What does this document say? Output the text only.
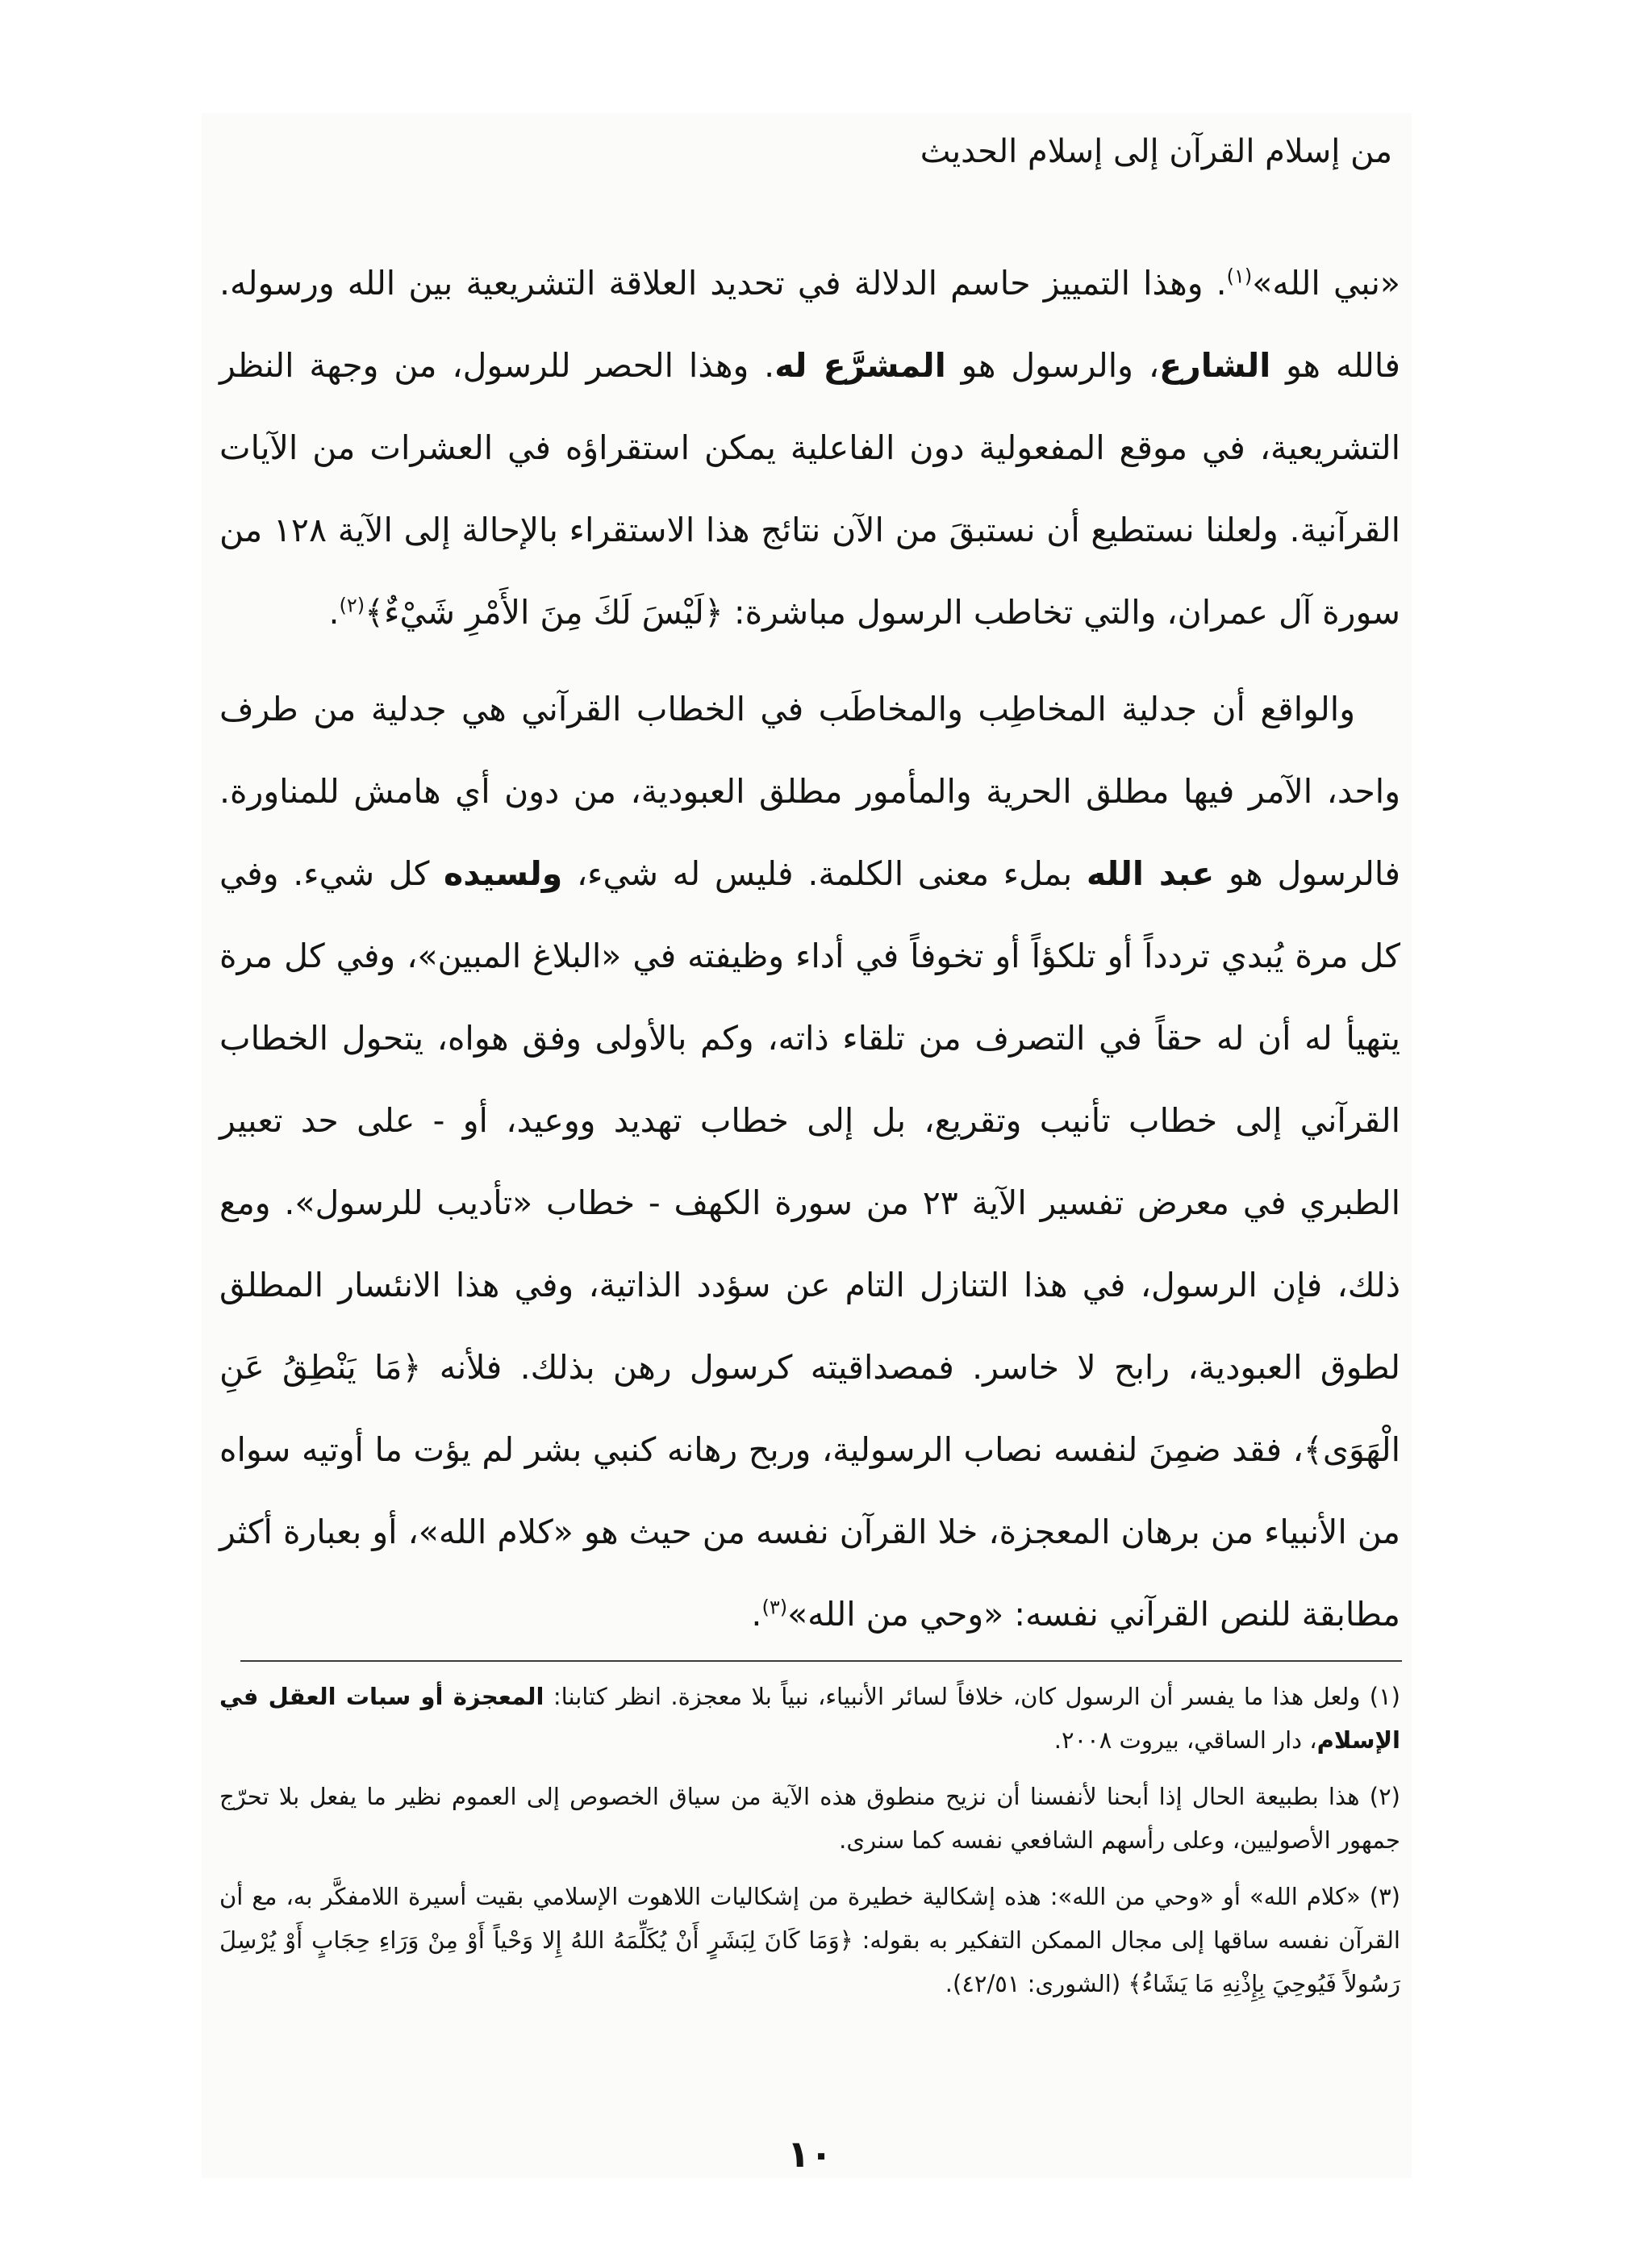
من إسلام القرآن إلى إسلام الحديث

«نبي الله»$^{(١)}$. وهذا التمييز حاسم الدلالة في تحديد العلاقة التشريعية بين الله ورسوله. فالله هو الشارع، والرسول هو المشرَّع له. وهذا الحصر للرسول، من وجهة النظر التشريعية، في موقع المفعولية دون الفاعلية يمكن استقراؤه في العشرات من الآيات القرآنية. ولعلنا نستطيع أن نستبقَ من الآن نتائج هذا الاستقراء بالإحالة إلى الآية ١٢٨ من سورة آل عمران، والتي تخاطب الرسول مباشرة: ﴿لَيْسَ لَكَ مِنَ الأَمْرِ شَيْءٌ﴾$^{(٢)}$.

والواقع أن جدلية المخاطِب والمخاطَب في الخطاب القرآني هي جدلية من طرف واحد، الآمر فيها مطلق الحرية والمأمور مطلق العبودية، من دون أي هامش للمناورة. فالرسول هو عبد الله بملء معنى الكلمة. فليس له شيء، ولسيده كل شيء. وفي كل مرة يُبدي تردداً أو تلكؤاً أو تخوفاً في أداء وظيفته في «البلاغ المبين»، وفي كل مرة يتهيأ له أن له حقاً في التصرف من تلقاء ذاته، وكم بالأولى وفق هواه، يتحول الخطاب القرآني إلى خطاب تأنيب وتقريع، بل إلى خطاب تهديد ووعيد، أو - على حد تعبير الطبري في معرض تفسير الآية ٢٣ من سورة الكهف - خطاب «تأديب للرسول». ومع ذلك، فإن الرسول، في هذا التنازل التام عن سؤدد الذاتية، وفي هذا الانئسار المطلق لطوق العبودية، رابح لا خاسر. فمصداقيته كرسول رهن بذلك. فلأنه ﴿مَا يَنْطِقُ عَنِ الْهَوَى﴾، فقد ضمِنَ لنفسه نصاب الرسولية، وربح رهانه كنبي بشر لم يؤت ما أوتيه سواه من الأنبياء من برهان المعجزة، خلا القرآن نفسه من حيث هو «كلام الله»، أو بعبارة أكثر مطابقة للنص القرآني نفسه: «وحي من الله»$^{(٣)}$.

(١) ولعل هذا ما يفسر أن الرسول كان، خلافاً لسائر الأنبياء، نبياً بلا معجزة. انظر كتابنا: المعجزة أو سبات العقل في الإسلام، دار الساقي، بيروت ٢٠٠٨.
(٢) هذا بطبيعة الحال إذا أبحنا لأنفسنا أن نزيح منطوق هذه الآية من سياق الخصوص إلى العموم نظير ما يفعل بلا تحرّج جمهور الأصوليين، وعلى رأسهم الشافعي نفسه كما سنرى.
(٣) «كلام الله» أو «وحي من الله»: هذه إشكالية خطيرة من إشكاليات اللاهوت الإسلامي بقيت أسيرة اللامفكَّر به، مع أن القرآن نفسه ساقها إلى مجال الممكن التفكير به بقوله: ﴿وَمَا كَانَ لِبَشَرٍ أَنْ يُكَلِّمَهُ اللهُ إِلا وَحْياً أَوْ مِنْ وَرَاءِ حِجَابٍ أَوْ يُرْسِلَ رَسُولاً فَيُوحِيَ بِإِذْنِهِ مَا يَشَاءُ﴾ (الشورى: ٤٢/٥١).
١٠
